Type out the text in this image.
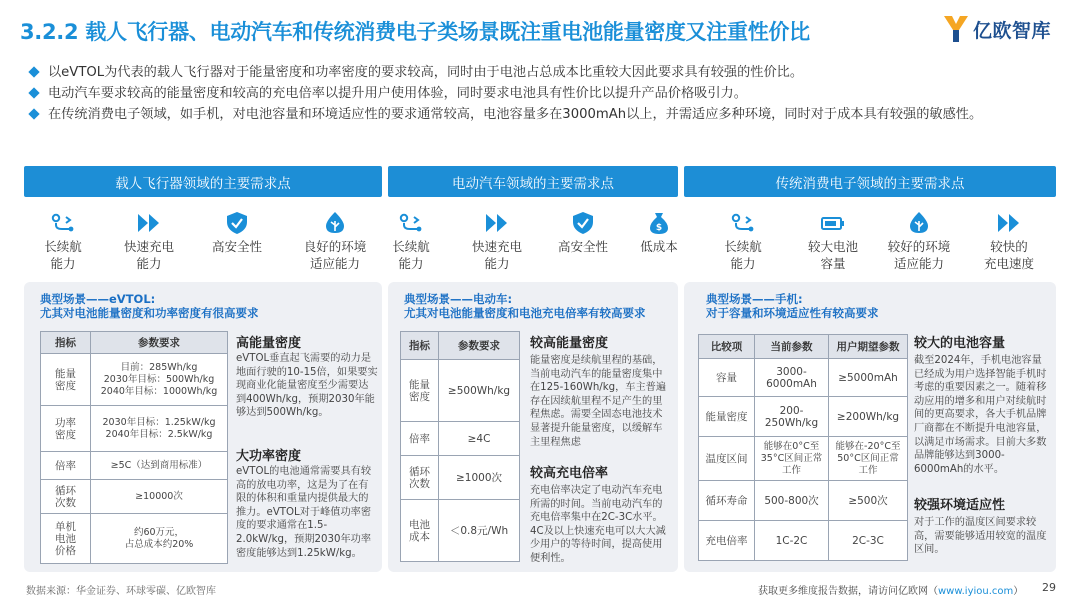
3.2.2 载人飞行器、电动汽车和传统消费电子类场景既注重电池能量密度又注重性价比	亿欧智库
以eVTOL为代表的载人飞行器对于能量密度和功率密度的要求较高，同时由于电池占总成本比重较大因此要求具有较强的性价比。
电动汽车要求较高的能量密度和较高的充电倍率以提升用户使用体验，同时要求电池具有性价比以提升产品价格吸引力。
在传统消费电子领域，如手机，对电池容量和环境适应性的要求通常较高，电池容量多在3000mAh以上，并需适应多种环境，同时对于成本具有较强的敏感性。
载人飞行器领域的主要需求点	电动汽车领域的主要需求点	传统消费电子领域的主要需求点
长续航
能力
快速充电
能力
高安全性	良好的环境
适应能力
长续航
能力
快速充电
能力
高安全性
$
低成本	长续航
能力
较大电池
容量
较好的环境
适应能力
较快的
充电速度
典型场景——eVTOL:
尤其对电池能量密度和功率密度有很高要求
指标	参数要求
能量
密度	目前：285Wh/kg
2030年目标：500Wh/kg
2040年目标：1000Wh/kg
功率
密度	2030年目标：1.25kW/kg
2040年目标：2.5kW/kg
倍率	≥5C（达到商用标准）
循环
次数	≥10000次
单机
电池
价格	约60万元，
占总成本约20%
高能量密度
eVTOL垂直起飞需要的动力是地面行驶的10-15倍，如果要实现商业化能量密度至少需要达到400Wh/kg，预期2030年能够达到500Wh/kg。
大功率密度
eVTOL的电池通常需要具有较高的放电功率，这是为了在有限的体积和重量内提供最大的推力。eVTOL对于峰值功率密度的要求通常在1.5-2.0kW/kg，预期2030年功率密度能够达到1.25kW/kg。
典型场景——电动车:
尤其对电池能量密度和电池充电倍率有较高要求
指标	参数要求
能量
密度	≥500Wh/kg
倍率	≥4C
循环
次数	≥1000次
电池
成本	＜0.8元/Wh
较高能量密度
能量密度是续航里程的基础，当前电动汽车的能量密度集中在125-160Wh/kg，车主普遍存在因续航里程不足产生的里程焦虑。需要全固态电池技术显著提升能量密度，以缓解车主里程焦虑
较高充电倍率
充电倍率决定了电动汽车充电所需的时间。当前电动汽车的充电倍率集中在2C-3C水平。4C及以上快速充电可以大大减少用户的等待时间，提高使用便利性。
典型场景——手机:
对于容量和环境适应性有较高要求
比较项	当前参数	用户期望参数
容量	3000-
6000mAh	≥5000mAh
能量密度	200-
250Wh/kg	≥200Wh/kg
温度区间	能够在0°C至
35°C区间正常
工作	能够在-20°C至
50°C区间正常
工作
循环寿命	500-800次	≥500次
充电倍率	1C-2C	2C-3C
较大的电池容量
截至2024年，手机电池容量已经成为用户选择智能手机时考虑的重要因素之一。随着移动应用的增多和用户对续航时间的更高要求，各大手机品牌厂商都在不断提升电池容量，以满足市场需求。目前大多数品牌能够达到3000-6000mAh的水平。
较强环境适应性
对于工作的温度区间要求较高，需要能够适用较宽的温度区间。
数据来源：华金证券、环球零碳、亿欧智库	获取更多维度报告数据，请访问亿欧网（www.iyiou.com） 29
